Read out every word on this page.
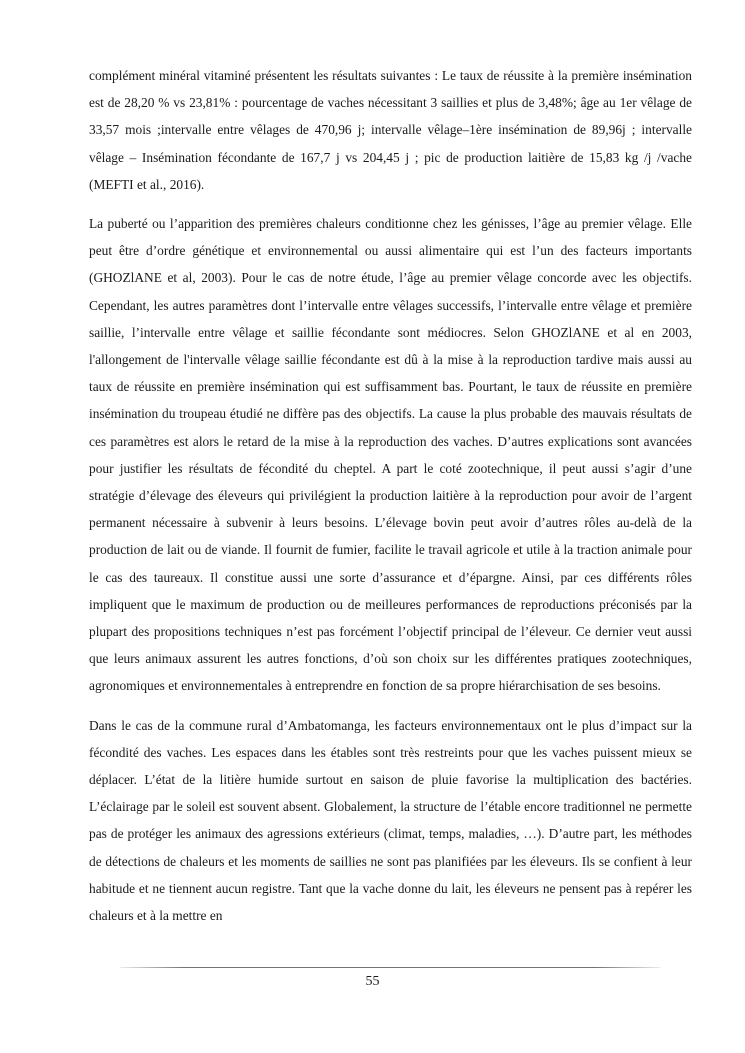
complément minéral vitaminé présentent les résultats suivantes : Le taux de réussite à la première insémination est de 28,20 % vs 23,81% : pourcentage de vaches nécessitant 3 saillies et plus de 3,48%; âge au 1er vêlage de 33,57 mois ;intervalle entre vêlages de 470,96 j; intervalle vêlage–1ère insémination de 89,96j ; intervalle vêlage – Insémination fécondante de 167,7 j vs 204,45 j ; pic de production laitière de 15,83 kg /j /vache (MEFTI et al., 2016).

La puberté ou l’apparition des premières chaleurs conditionne chez les génisses, l’âge au premier vêlage. Elle peut être d’ordre génétique et environnemental ou aussi alimentaire qui est l’un des facteurs importants (GHOZlANE et al, 2003). Pour le cas de notre étude, l’âge au premier vêlage concorde avec les objectifs. Cependant, les autres paramètres dont l’intervalle entre vêlages successifs, l’intervalle entre vêlage et première saillie, l’intervalle entre vêlage et saillie fécondante sont médiocres. Selon GHOZlANE et al en 2003, l'allongement de l'intervalle vêlage saillie fécondante est dû à la mise à la reproduction tardive mais aussi au taux de réussite en première insémination qui est suffisamment bas. Pourtant, le taux de réussite en première insémination du troupeau étudié ne diffère pas des objectifs. La cause la plus probable des mauvais résultats de ces paramètres est alors le retard de la mise à la reproduction des vaches. D’autres explications sont avancées pour justifier les résultats de fécondité du cheptel. A part le coté zootechnique, il peut aussi s’agir d’une stratégie d’élevage des éleveurs qui privilégient la production laitière à la reproduction pour avoir de l’argent permanent nécessaire à subvenir à leurs besoins. L’élevage bovin peut avoir d’autres rôles au-delà de la production de lait ou de viande. Il fournit de fumier, facilite le travail agricole et utile à la traction animale pour le cas des taureaux. Il constitue aussi une sorte d’assurance et d’épargne. Ainsi, par ces différents rôles impliquent que le maximum de production ou de meilleures performances de reproductions préconisés par la plupart des propositions techniques n’est pas forcément l’objectif principal de l’éleveur. Ce dernier veut aussi que leurs animaux assurent les autres fonctions, d’où son choix sur les différentes pratiques zootechniques, agronomiques et environnementales à entreprendre en fonction de sa propre hiérarchisation de ses besoins.

Dans le cas de la commune rural d’Ambatomanga, les facteurs environnementaux ont le plus d’impact sur la fécondité des vaches. Les espaces dans les étables sont très restreints pour que les vaches puissent mieux se déplacer. L’état de la litière humide surtout en saison de pluie favorise la multiplication des bactéries. L’éclairage par le soleil est souvent absent. Globalement, la structure de l’étable encore traditionnel ne permette pas de protéger les animaux des agressions extérieurs (climat, temps, maladies, …). D’autre part, les méthodes de détections de chaleurs et les moments de saillies ne sont pas planifiées par les éleveurs. Ils se confient à leur habitude et ne tiennent aucun registre. Tant que la vache donne du lait, les éleveurs ne pensent pas à repérer les chaleurs et à la mettre en

55
